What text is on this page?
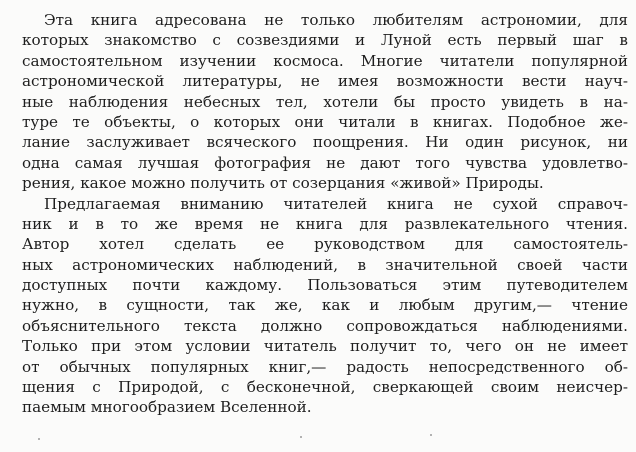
Эта книга адресована не только любителям астрономии, для
которых знакомство с созвездиями и Луной есть первый шаг в
самостоятельном изучении космоса. Многие читатели популярной
астрономической литературы, не имея возможности вести науч-
ные наблюдения небесных тел, хотели бы просто увидеть в на-
туре те объекты, о которых они читали в книгах. Подобное же-
лание заслуживает всяческого поощрения. Ни один рисунок, ни
одна самая лучшая фотография не дают того чувства удовлетво-
рения, какое можно получить от созерцания «живой» Природы.
Предлагаемая вниманию читателей книга не сухой справоч-
ник и в то же время не книга для развлекательного чтения.
Автор хотел сделать ее руководством для самостоятель-
ных астрономических наблюдений, в значительной своей части
доступных почти каждому. Пользоваться этим путеводителем
нужно, в сущности, так же, как и любым другим,— чтение
объяснительного текста должно сопровождаться наблюдениями.
Только при этом условии читатель получит то, чего он не имеет
от обычных популярных книг,— радость непосредственного об-
щения с Природой, с бесконечной, сверкающей своим неисчер-
паемым многообразием Вселенной.
